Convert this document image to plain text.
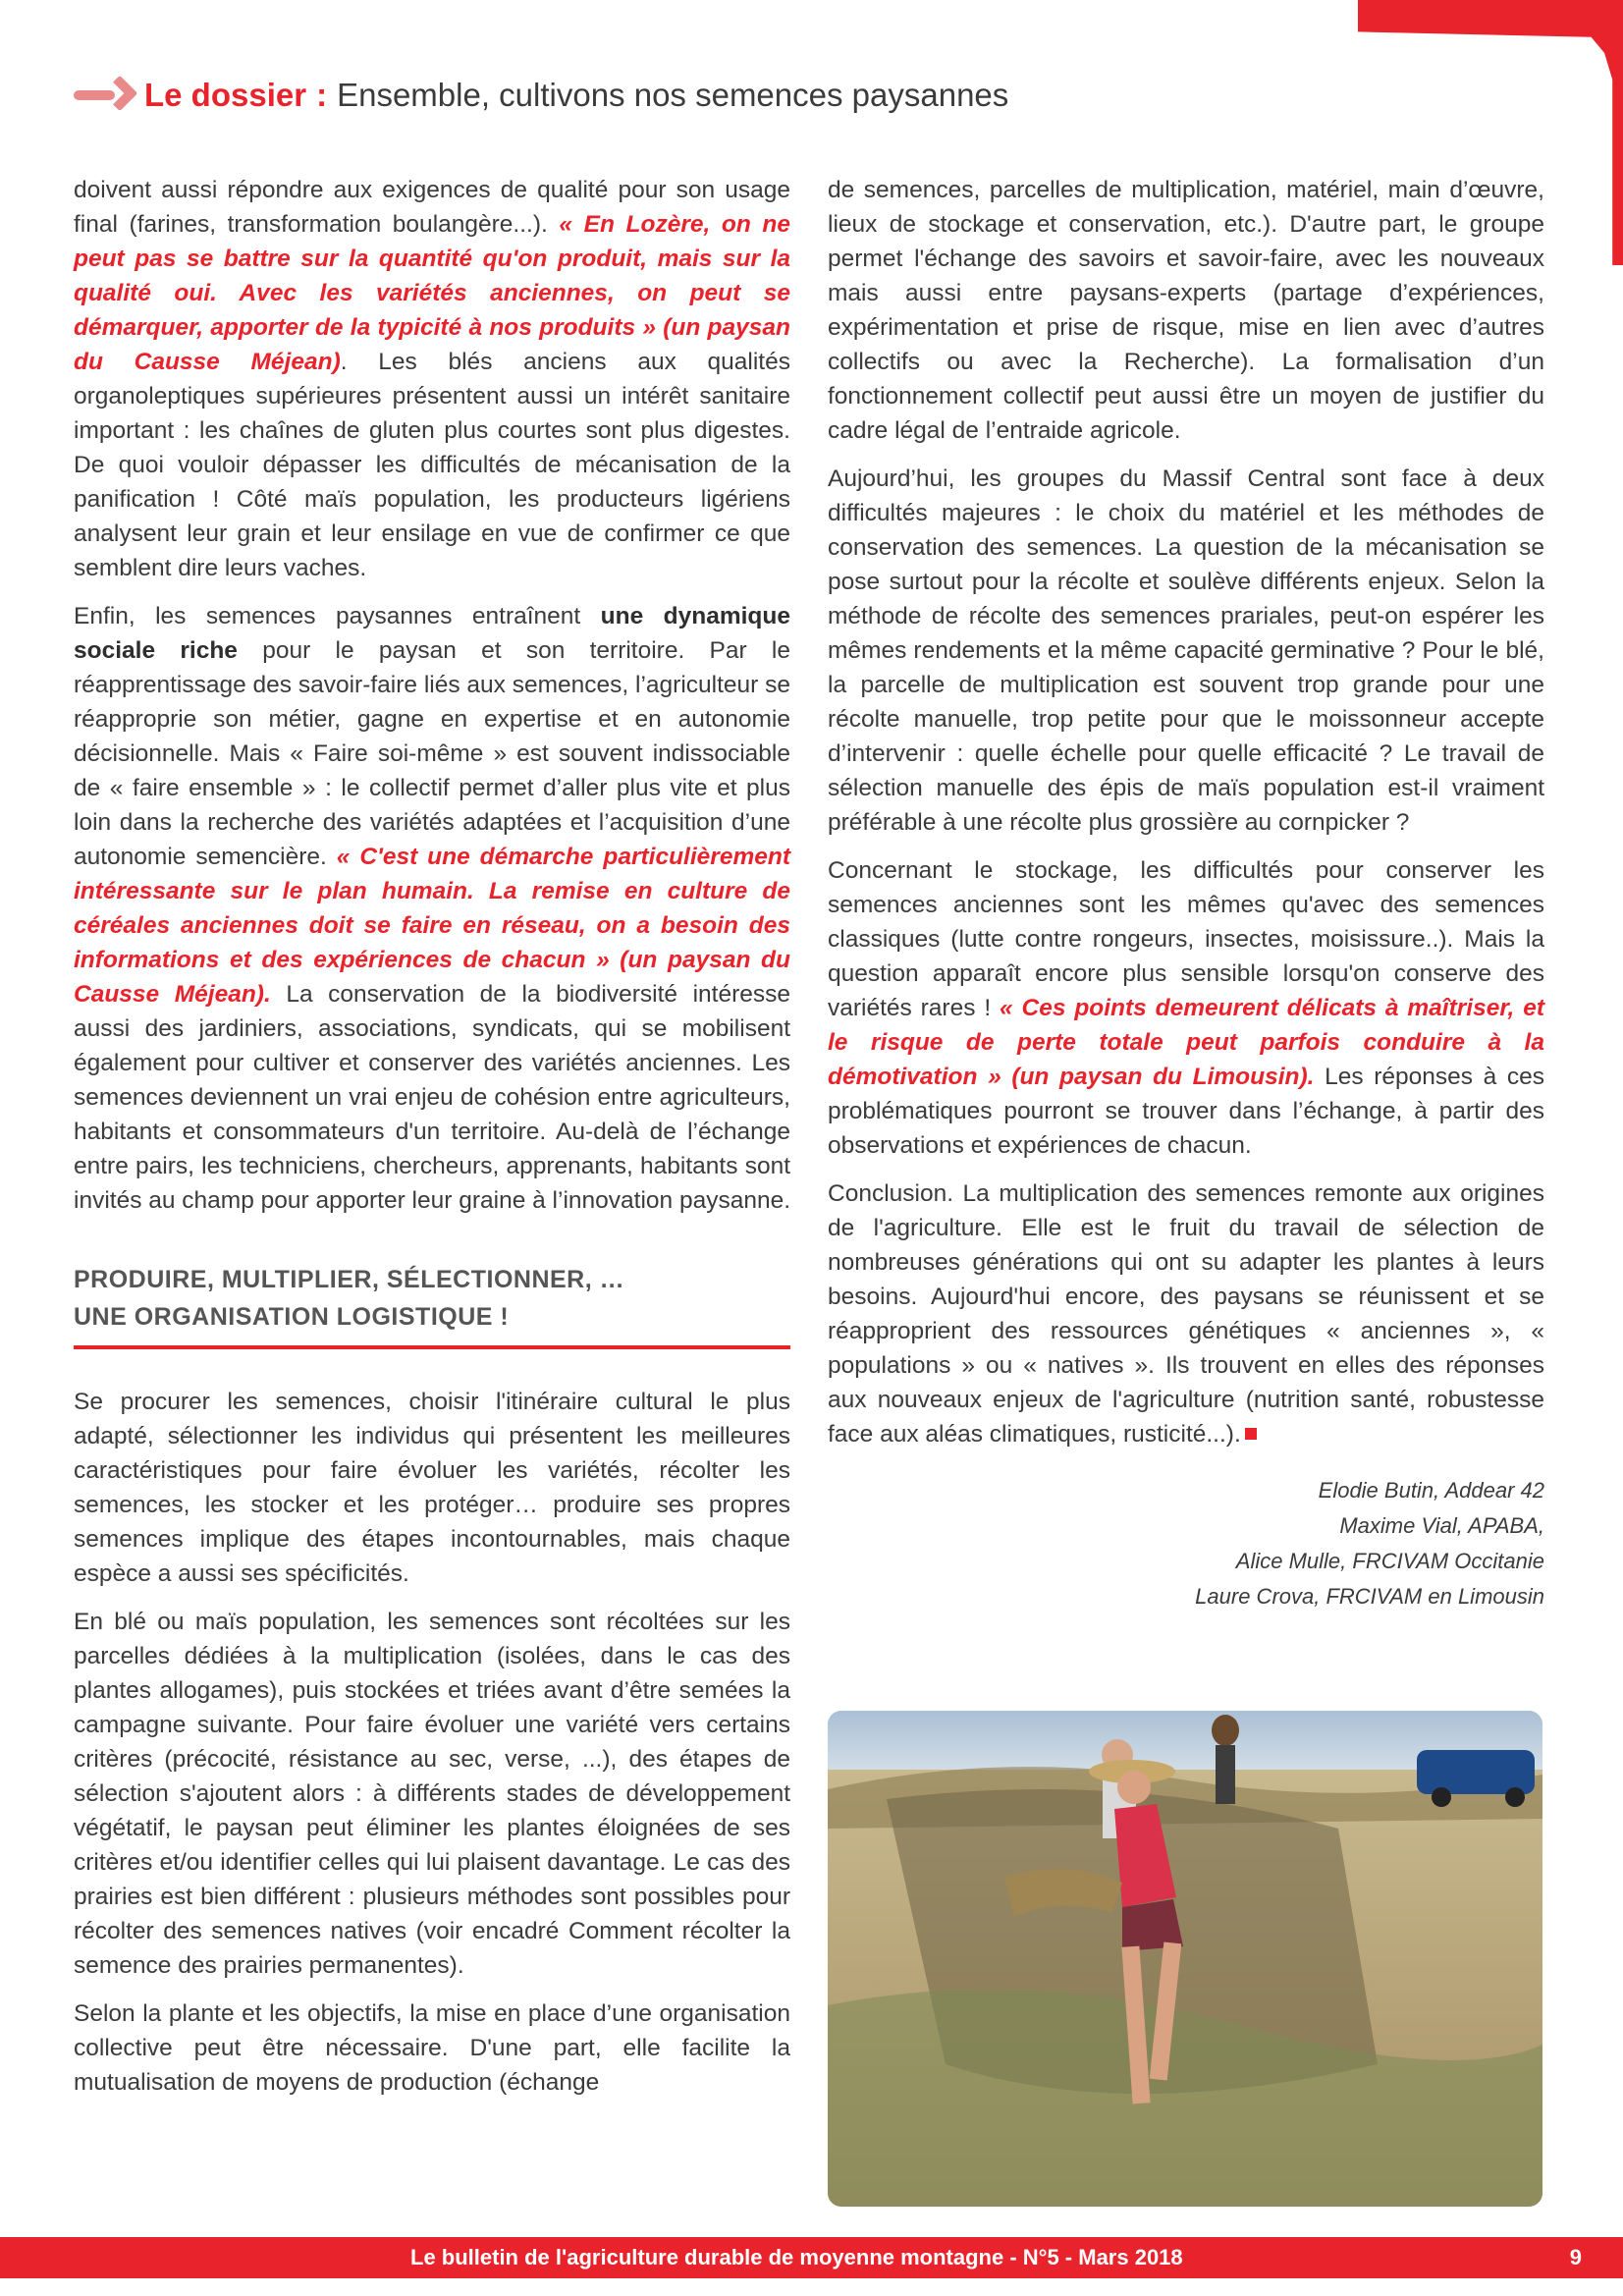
Le dossier : Ensemble, cultivons nos semences paysannes

doivent aussi répondre aux exigences de qualité pour son usage final (farines, transformation boulangère...). « En Lozère, on ne peut pas se battre sur la quantité qu'on produit, mais sur la qualité oui. Avec les variétés anciennes, on peut se démarquer, apporter de la typicité à nos produits » (un paysan du Causse Méjean). Les blés anciens aux qualités organoleptiques supérieures présentent aussi un intérêt sanitaire important : les chaînes de gluten plus courtes sont plus digestes. De quoi vouloir dépasser les difficultés de mécanisation de la panification ! Côté maïs population, les producteurs ligériens analysent leur grain et leur ensilage en vue de confirmer ce que semblent dire leurs vaches.

Enfin, les semences paysannes entraînent une dynamique sociale riche pour le paysan et son territoire. Par le réapprentissage des savoir-faire liés aux semences, l’agriculteur se réapproprie son métier, gagne en expertise et en autonomie décisionnelle. Mais « Faire soi-même » est souvent indissociable de « faire ensemble » : le collectif permet d’aller plus vite et plus loin dans la recherche des variétés adaptées et l’acquisition d’une autonomie semencière. « C'est une démarche particulièrement intéressante sur le plan humain. La remise en culture de céréales anciennes doit se faire en réseau, on a besoin des informations et des expériences de chacun » (un paysan du Causse Méjean). La conservation de la biodiversité intéresse aussi des jardiniers, associations, syndicats, qui se mobilisent également pour cultiver et conserver des variétés anciennes. Les semences deviennent un vrai enjeu de cohésion entre agriculteurs, habitants et consommateurs d'un territoire. Au-delà de l’échange entre pairs, les techniciens, chercheurs, apprenants, habitants sont invités au champ pour apporter leur graine à l’innovation paysanne.

PRODUIRE, MULTIPLIER, SÉLECTIONNER, …
UNE ORGANISATION LOGISTIQUE !

Se procurer les semences, choisir l'itinéraire cultural le plus adapté, sélectionner les individus qui présentent les meilleures caractéristiques pour faire évoluer les variétés, récolter les semences, les stocker et les protéger… produire ses propres semences implique des étapes incontournables, mais chaque espèce a aussi ses spécificités.

En blé ou maïs population, les semences sont récoltées sur les parcelles dédiées à la multiplication (isolées, dans le cas des plantes allogames), puis stockées et triées avant d’être semées la campagne suivante. Pour faire évoluer une variété vers certains critères (précocité, résistance au sec, verse, ...), des étapes de sélection s'ajoutent alors : à différents stades de développement végétatif, le paysan peut éliminer les plantes éloignées de ses critères et/ou identifier celles qui lui plaisent davantage. Le cas des prairies est bien différent : plusieurs méthodes sont possibles pour récolter des semences natives (voir encadré Comment récolter la semence des prairies permanentes).

Selon la plante et les objectifs, la mise en place d’une organisation collective peut être nécessaire. D'une part, elle facilite la mutualisation de moyens de production (échange

de semences, parcelles de multiplication, matériel, main d’œuvre, lieux de stockage et conservation, etc.). D'autre part, le groupe permet l'échange des savoirs et savoir-faire, avec les nouveaux mais aussi entre paysans-experts (partage d’expériences, expérimentation et prise de risque, mise en lien avec d’autres collectifs ou avec la Recherche). La formalisation d’un fonctionnement collectif peut aussi être un moyen de justifier du cadre légal de l’entraide agricole.

Aujourd’hui, les groupes du Massif Central sont face à deux difficultés majeures : le choix du matériel et les méthodes de conservation des semences. La question de la mécanisation se pose surtout pour la récolte et soulève différents enjeux. Selon la méthode de récolte des semences prariales, peut-on espérer les mêmes rendements et la même capacité germinative ? Pour le blé, la parcelle de multiplication est souvent trop grande pour une récolte manuelle, trop petite pour que le moissonneur accepte d’intervenir : quelle échelle pour quelle efficacité ? Le travail de sélection manuelle des épis de maïs population est-il vraiment préférable à une récolte plus grossière au cornpicker ?

Concernant le stockage, les difficultés pour conserver les semences anciennes sont les mêmes qu'avec des semences classiques (lutte contre rongeurs, insectes, moisissure..). Mais la question apparaît encore plus sensible lorsqu'on conserve des variétés rares ! « Ces points demeurent délicats à maîtriser, et le risque de perte totale peut parfois conduire à la démotivation » (un paysan du Limousin). Les réponses à ces problématiques pourront se trouver dans l’échange, à partir des observations et expériences de chacun.

Conclusion. La multiplication des semences remonte aux origines de l'agriculture. Elle est le fruit du travail de sélection de nombreuses générations qui ont su adapter les plantes à leurs besoins. Aujourd'hui encore, des paysans se réunissent et se réapproprient des ressources génétiques « anciennes », « populations » ou « natives ». Ils trouvent en elles des réponses aux nouveaux enjeux de l'agriculture (nutrition santé, robustesse face aux aléas climatiques, rusticité...).

Elodie Butin, Addear 42
Maxime Vial, APABA,
Alice Mulle, FRCIVAM Occitanie
Laure Crova, FRCIVAM en Limousin
Le bulletin de l'agriculture durable de moyenne montagne - N°5 - Mars 2018	9
